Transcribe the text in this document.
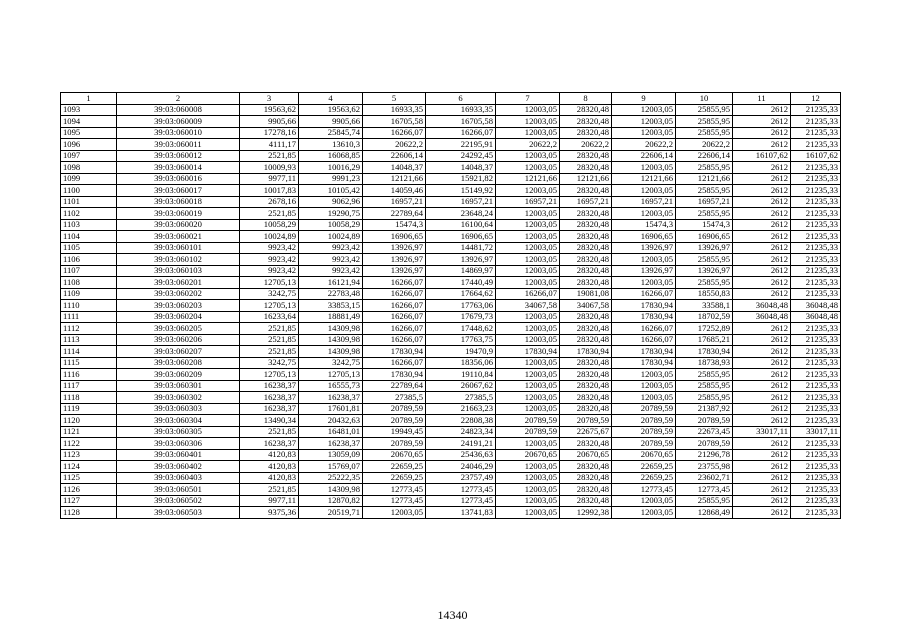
1	2	3	4	5	6	7	8	9	10	11	12
1093	39:03:060008	19563,62	19563,62	16933,35	16933,35	12003,05	28320,48	12003,05	25855,95	2612	21235,33
1094	39:03:060009	9905,66	9905,66	16705,58	16705,58	12003,05	28320,48	12003,05	25855,95	2612	21235,33
1095	39:03:060010	17278,16	25845,74	16266,07	16266,07	12003,05	28320,48	12003,05	25855,95	2612	21235,33
1096	39:03:060011	4111,17	13610,3	20622,2	22195,91	20622,2	20622,2	20622,2	20622,2	2612	21235,33
1097	39:03:060012	2521,85	16068,85	22606,14	24292,45	12003,05	28320,48	22606,14	22606,14	16107,62	16107,62
1098	39:03:060014	10009,93	10016,29	14048,37	14048,37	12003,05	28320,48	12003,05	25855,95	2612	21235,33
1099	39:03:060016	9977,11	9991,23	12121,66	15921,82	12121,66	12121,66	12121,66	12121,66	2612	21235,33
1100	39:03:060017	10017,83	10105,42	14059,46	15149,92	12003,05	28320,48	12003,05	25855,95	2612	21235,33
1101	39:03:060018	2678,16	9062,96	16957,21	16957,21	16957,21	16957,21	16957,21	16957,21	2612	21235,33
1102	39:03:060019	2521,85	19290,75	22789,64	23648,24	12003,05	28320,48	12003,05	25855,95	2612	21235,33
1103	39:03:060020	10058,29	10058,29	15474,3	16100,64	12003,05	28320,48	15474,3	15474,3	2612	21235,33
1104	39:03:060021	10024,89	10024,89	16906,65	16906,65	12003,05	28320,48	16906,65	16906,65	2612	21235,33
1105	39:03:060101	9923,42	9923,42	13926,97	14481,72	12003,05	28320,48	13926,97	13926,97	2612	21235,33
1106	39:03:060102	9923,42	9923,42	13926,97	13926,97	12003,05	28320,48	12003,05	25855,95	2612	21235,33
1107	39:03:060103	9923,42	9923,42	13926,97	14869,97	12003,05	28320,48	13926,97	13926,97	2612	21235,33
1108	39:03:060201	12705,13	16121,94	16266,07	17440,49	12003,05	28320,48	12003,05	25855,95	2612	21235,33
1109	39:03:060202	3242,75	22783,48	16266,07	17664,62	16266,07	19081,08	16266,07	18550,83	2612	21235,33
1110	39:03:060203	12705,13	33853,15	16266,07	17763,06	34067,58	34067,58	17830,94	33588,1	36048,48	36048,48
1111	39:03:060204	16233,64	18881,49	16266,07	17679,73	12003,05	28320,48	17830,94	18702,59	36048,48	36048,48
1112	39:03:060205	2521,85	14309,98	16266,07	17448,62	12003,05	28320,48	16266,07	17252,89	2612	21235,33
1113	39:03:060206	2521,85	14309,98	16266,07	17763,75	12003,05	28320,48	16266,07	17685,21	2612	21235,33
1114	39:03:060207	2521,85	14309,98	17830,94	19470,9	17830,94	17830,94	17830,94	17830,94	2612	21235,33
1115	39:03:060208	3242,75	3242,75	16266,07	18356,06	12003,05	28320,48	17830,94	18738,93	2612	21235,33
1116	39:03:060209	12705,13	12705,13	17830,94	19110,84	12003,05	28320,48	12003,05	25855,95	2612	21235,33
1117	39:03:060301	16238,37	16555,73	22789,64	26067,62	12003,05	28320,48	12003,05	25855,95	2612	21235,33
1118	39:03:060302	16238,37	16238,37	27385,5	27385,5	12003,05	28320,48	12003,05	25855,95	2612	21235,33
1119	39:03:060303	16238,37	17601,81	20789,59	21663,23	12003,05	28320,48	20789,59	21387,92	2612	21235,33
1120	39:03:060304	13490,34	20432,63	20789,59	22808,38	20789,59	20789,59	20789,59	20789,59	2612	21235,33
1121	39:03:060305	2521,85	16481,01	19949,45	24823,34	20789,59	22675,67	20789,59	22673,45	33017,11	33017,11
1122	39:03:060306	16238,37	16238,37	20789,59	24191,21	12003,05	28320,48	20789,59	20789,59	2612	21235,33
1123	39:03:060401	4120,83	13059,09	20670,65	25436,63	20670,65	20670,65	20670,65	21296,78	2612	21235,33
1124	39:03:060402	4120,83	15769,07	22659,25	24046,29	12003,05	28320,48	22659,25	23755,98	2612	21235,33
1125	39:03:060403	4120,83	25222,35	22659,25	23757,49	12003,05	28320,48	22659,25	23602,71	2612	21235,33
1126	39:03:060501	2521,85	14309,98	12773,45	12773,45	12003,05	28320,48	12773,45	12773,45	2612	21235,33
1127	39:03:060502	9977,11	12870,82	12773,45	12773,45	12003,05	28320,48	12003,05	25855,95	2612	21235,33
1128	39:03:060503	9375,36	20519,71	12003,05	13741,83	12003,05	12992,38	12003,05	12868,49	2612	21235,33
14340
